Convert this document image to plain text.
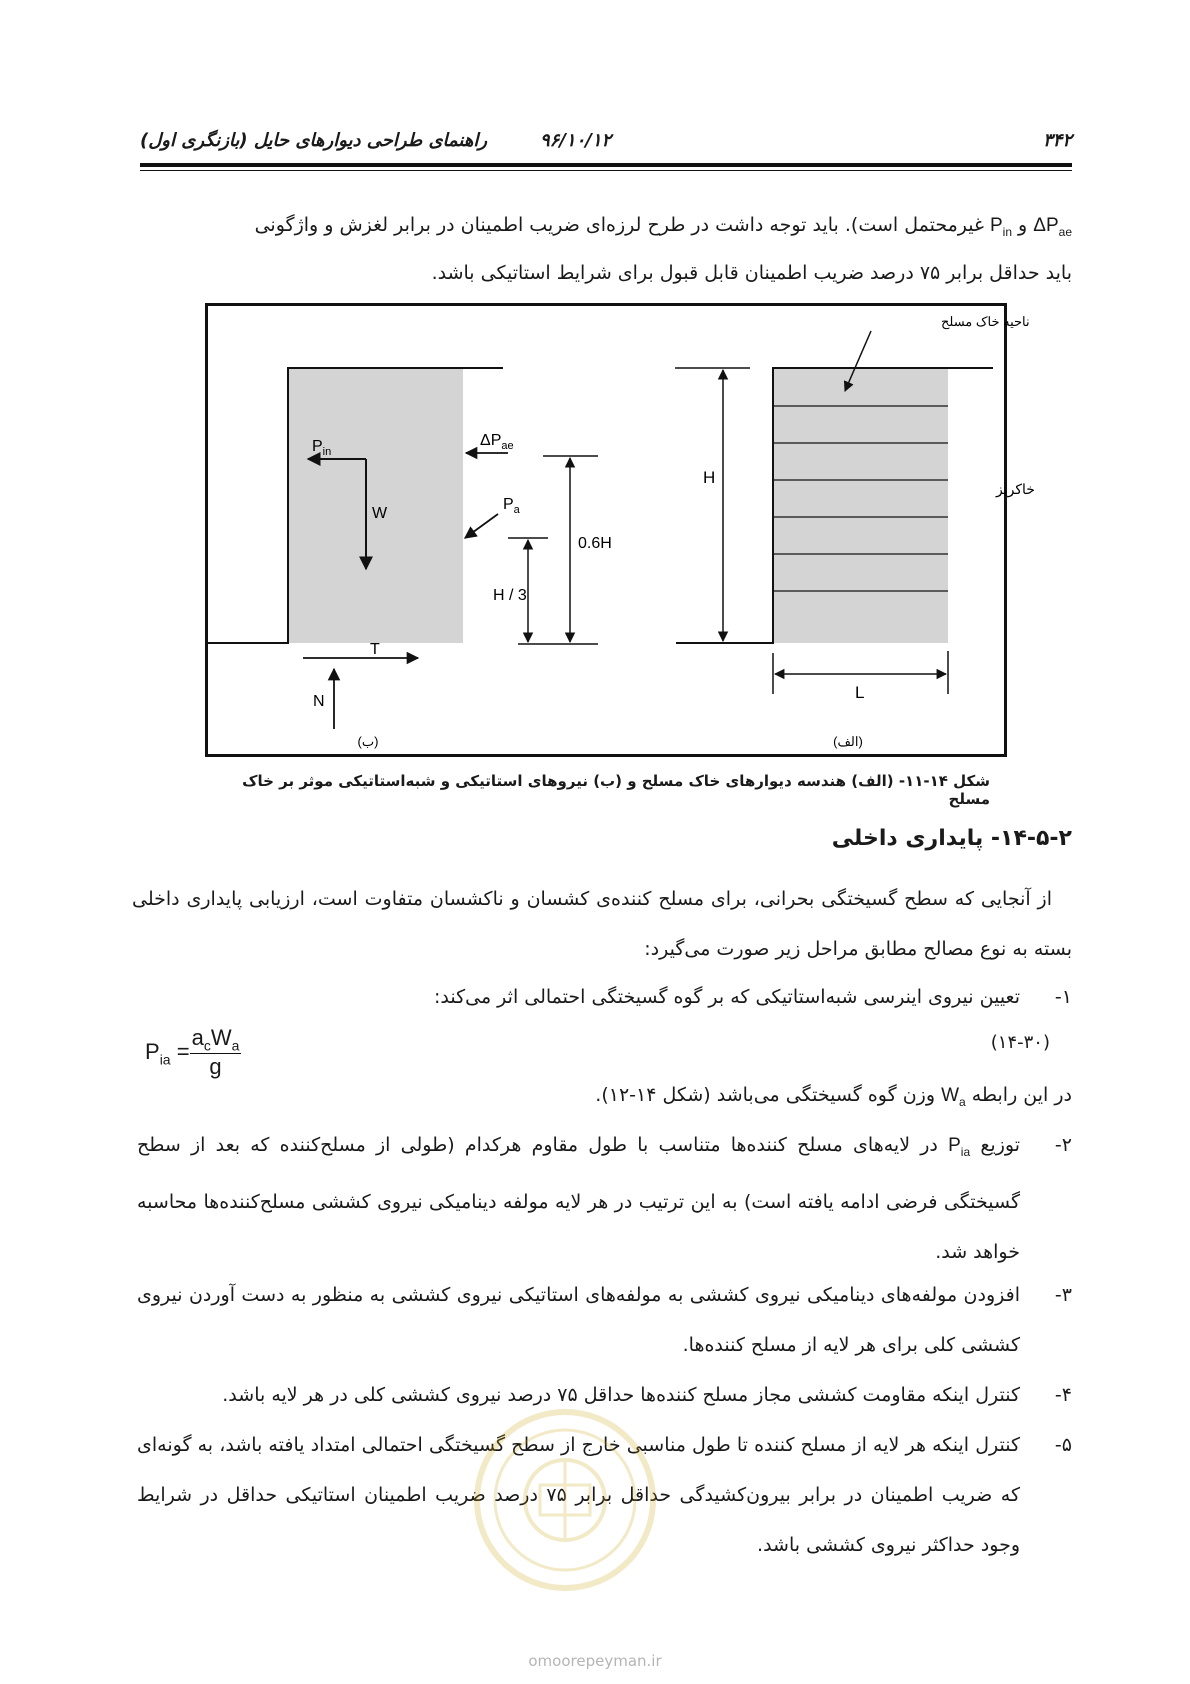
۳۴۲
۹۶/۱۰/۱۲
راهنمای طراحی دیوارهای حایل (بازنگری اول)
$\Delta P_{ae}$ و $P_{in}$ غیرمحتمل است). باید توجه داشت در طرح لرزه‌ای ضریب اطمینان در برابر لغزش و واژگونی
باید حداقل برابر ۷۵ درصد ضریب اطمینان قابل قبول برای شرایط استاتیکی باشد.
$P_{in}$
W
$P_a$
$\Delta P_{ae}$
T
N
0.6H
H / 3
(ب)
H
L
ناحیه خاک مسلح
خاکریز
(الف)
شکل ۱۴-۱۱- (الف) هندسه دیوارهای خاک مسلح و (ب) نیروهای استاتیکی و شبه‌استاتیکی موثر بر خاک مسلح
۱۴-۵-۲- پایداری داخلی
از آنجایی که سطح گسیختگی بحرانی، برای مسلح کننده‌ی کشسان و ناکشسان متفاوت است، ارزیابی پایداری داخلی بسته به نوع مصالح مطابق مراحل زیر صورت می‌گیرد:
۱-
تعیین نیروی اینرسی شبه‌استاتیکی که بر گوه گسیختگی احتمالی اثر می‌کند:
$P_{ia}$ =	
$a_cW_a$
g
(۱۴-۳۰)
در این رابطه $W_a$ وزن گوه گسیختگی می‌باشد (شکل ۱۴-۱۲).
۲-
توزیع $P_{ia}$ در لایه‌های مسلح کننده‌ها متناسب با طول مقاوم هرکدام (طولی از مسلح‌کننده که بعد از سطح گسیختگی فرضی ادامه یافته است) به این ترتیب در هر لایه مولفه دینامیکی نیروی کششی مسلح‌کننده‌ها محاسبه خواهد شد.
۳-
افزودن مولفه‌های دینامیکی نیروی کششی به مولفه‌های استاتیکی نیروی کششی به منظور به دست آوردن نیروی کششی کلی برای هر لایه از مسلح کننده‌ها.
۴-
کنترل اینکه مقاومت کششی مجاز مسلح کننده‌ها حداقل ۷۵ درصد نیروی کششی کلی در هر لایه باشد.
۵-
کنترل اینکه هر لایه از مسلح کننده تا طول مناسبی خارج از سطح گسیختگی احتمالی امتداد یافته باشد، به گونه‌ای که ضریب اطمینان در برابر بیرون‌کشیدگی حداقل برابر ۷۵ درصد ضریب اطمینان استاتیکی حداقل در شرایط وجود حداکثر نیروی کششی باشد.
omoorepeyman.ir
